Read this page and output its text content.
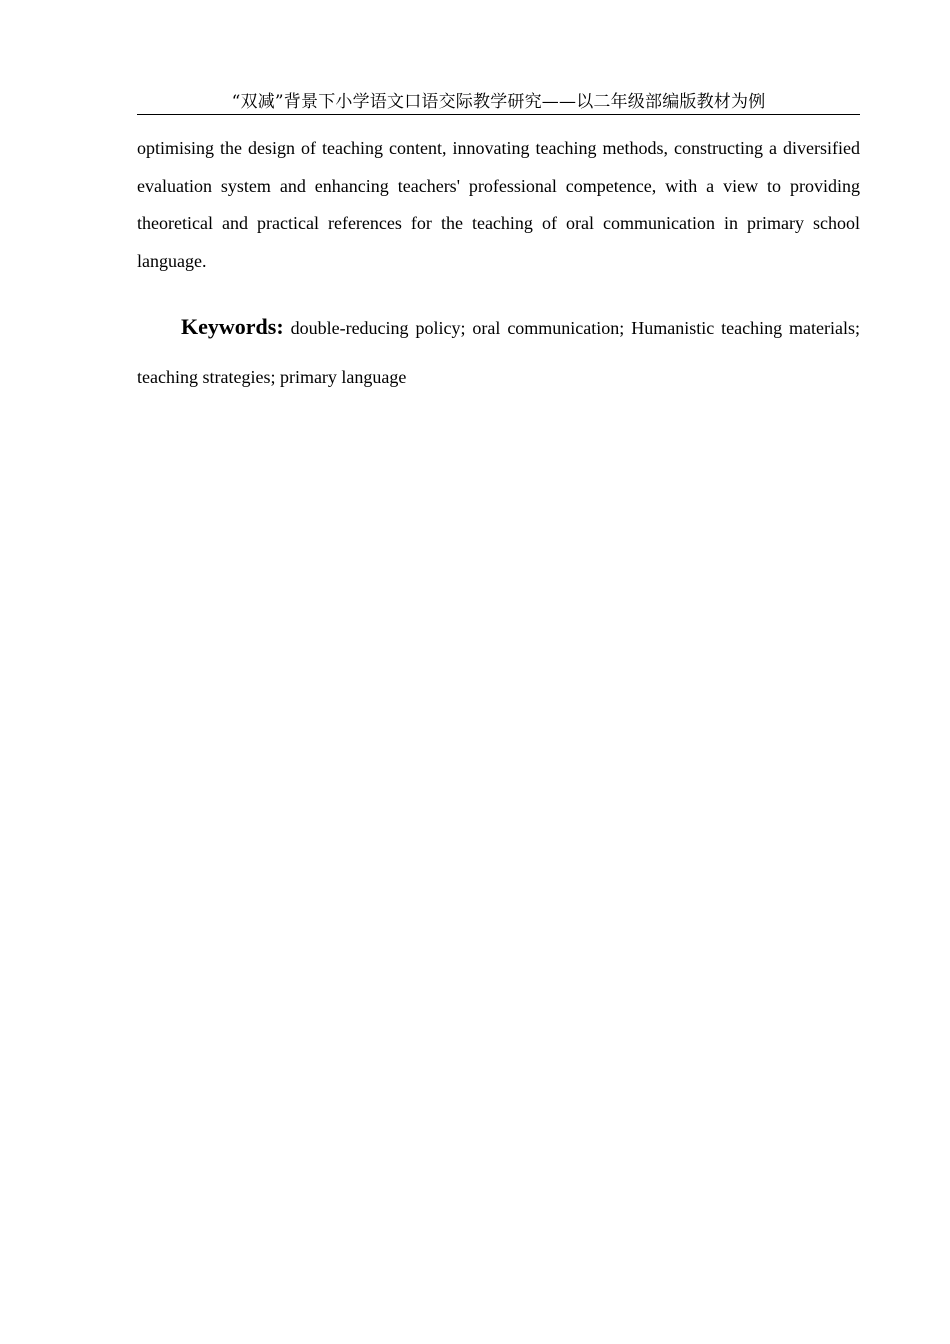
“双减”背景下小学语文口语交际教学研究——以二年级部编版教材为例

optimising the design of teaching content, innovating teaching methods, constructing a diversified evaluation system and enhancing teachers' professional competence, with a view to providing theoretical and practical references for the teaching of oral communication in primary school language.

Keywords: double-reducing policy; oral communication; Humanistic teaching materials; teaching strategies; primary language
